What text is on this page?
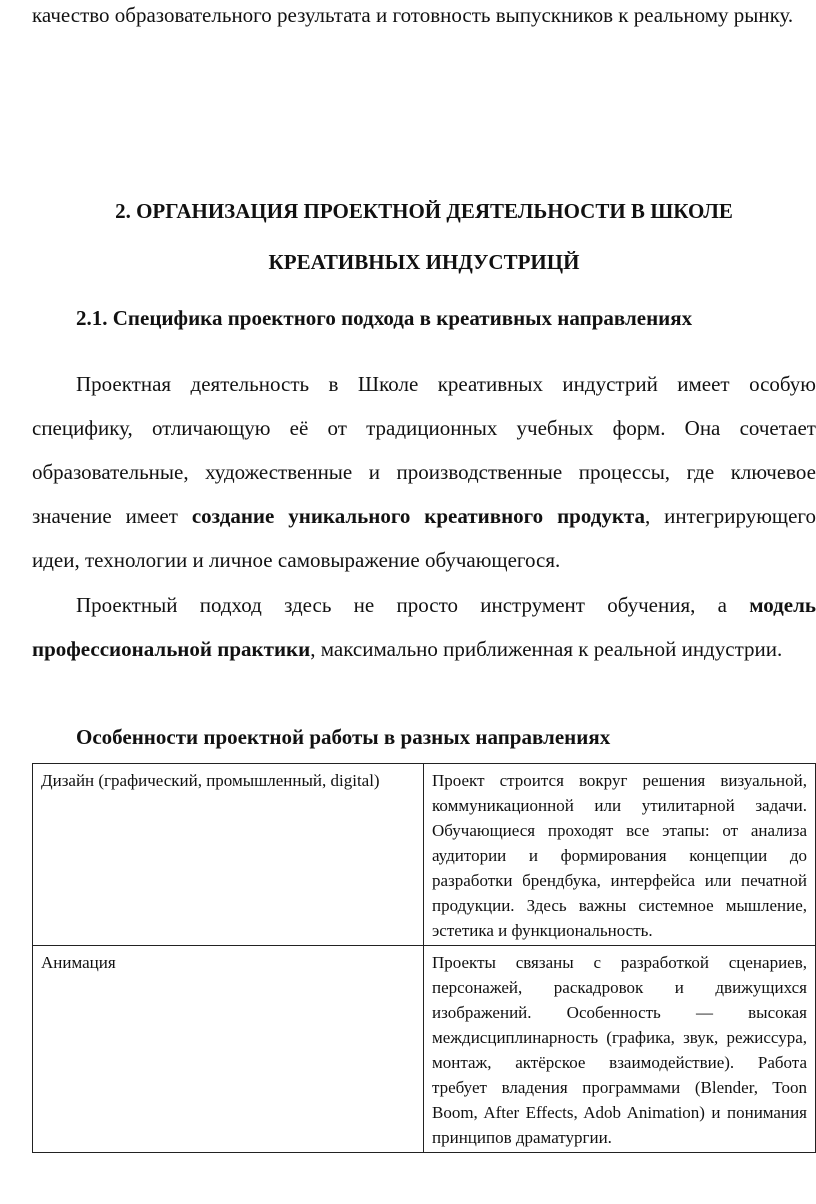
качество образовательного результата и готовность выпускников к реальному рынку.
2. ОРГАНИЗАЦИЯ ПРОЕКТНОЙ ДЕЯТЕЛЬНОСТИ В ШКОЛЕ
КРЕАТИВНЫХ ИНДУСТРИЦЙ
2.1. Специфика проектного подхода в креативных направлениях
Проектная деятельность в Школе креативных индустрий имеет особую специфику, отличающую её от традиционных учебных форм. Она сочетает образовательные, художественные и производственные процессы, где ключевое значение имеет создание уникального креативного продукта, интегрирующего идеи, технологии и личное самовыражение обучающегося.
Проектный подход здесь не просто инструмент обучения, а модель профессиональной практики, максимально приближенная к реальной индустрии.
Особенности проектной работы в разных направлениях
Дизайн (графический, промышленный, digital)	Проект строится вокруг решения визуальной, коммуникационной или утилитарной задачи. Обучающиеся проходят все этапы: от анализа аудитории и формирования концепции до разработки брендбука, интерфейса или печатной продукции. Здесь важны системное мышление, эстетика и функциональность.
Анимация	Проекты связаны с разработкой сценариев, персонажей, раскадровок и движущихся изображений. Особенность — высокая междисциплинарность (графика, звук, режиссура, монтаж, актёрское взаимодействие). Работа требует владения программами (Blender, Toon Boom, After Effects, Adob Animation) и понимания принципов драматургии.
